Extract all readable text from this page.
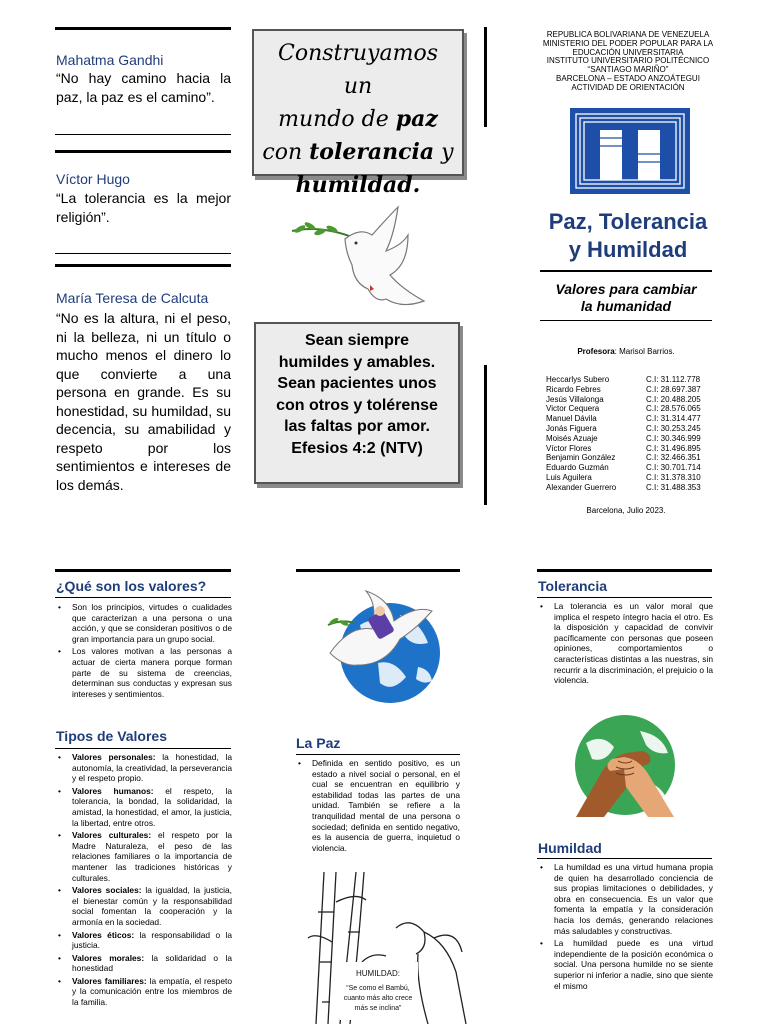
Mahatma Gandhi
“No hay camino hacia la paz, la paz es el camino”.
Víctor Hugo
“La tolerancia es la mejor religión”.
María Teresa de Calcuta
“No es la altura, ni el peso, ni la belleza, ni un título o mucho menos el dinero lo que convierte a una persona en grande. Es su honestidad, su humildad, su decencia, su amabilidad y respeto por los sentimientos e intereses de los demás.
Construyamos un
mundo de paz
con tolerancia y
humildad.
Sean siempre
humildes y amables.
Sean pacientes unos
con otros y tolérense
las faltas por amor.
Efesios 4:2 (NTV)
REPUBLICA BOLIVARIANA DE VENEZUELA
MINISTERIO DEL PODER POPULAR PARA LA
EDUCACIÓN UNIVERSITARIA
INSTITUTO UNIVERSITARIO POLITÉCNICO
“SANTIAGO MARIÑO”
BARCELONA – ESTADO ANZOÁTEGUI
ACTIVIDAD DE ORIENTACIÓN
Paz, Tolerancia
y Humildad
Valores para cambiar
la humanidad
Profesora: Marisol Barrios.
Heccarlys Subero	C.I: 31.112.778
Ricardo Febres	C.I: 28.697.387
Jesús Villalonga	C.I: 20.488.205
Victor Cequera	C.I: 28.576.065
Manuel Dávila	C.I: 31.314.477
Jonás Figuera	C.I: 30.253.245
Moisés Azuaje	C.I: 30.346.999
Víctor Flores	C.I: 31.496.895
Benjamin González	C.I: 32.466.351
Eduardo Guzmán	C.I: 30.701.714
Luis Aguilera	C.I: 31.378.310
Alexander Guerrero	C.I: 31.488.353
Barcelona, Julio 2023.
¿Qué son los valores?
• Son los principios, virtudes o cualidades que caracterizan a una persona o una acción, y que se consideran positivos o de gran importancia para un grupo social.
• Los valores motivan a las personas a actuar de cierta manera porque forman parte de su sistema de creencias, determinan sus conductas y expresan sus intereses y sentimientos.
Tipos de Valores
• Valores personales: la honestidad, la autonomía, la creatividad, la perseverancia y el respeto propio.
• Valores humanos: el respeto, la tolerancia, la bondad, la solidaridad, la amistad, la honestidad, el amor, la justicia, la libertad, entre otros.
• Valores culturales: el respeto por la Madre Naturaleza, el peso de las relaciones familiares o la importancia de mantener las tradiciones históricas y culturales.
• Valores sociales: la igualdad, la justicia, el bienestar común y la responsabilidad social fomentan la cooperación y la armonía en la sociedad.
• Valores éticos: la responsabilidad o la justicia.
• Valores morales: la solidaridad o la honestidad
• Valores familiares: la empatía, el respeto y la comunicación entre los miembros de la familia.
La Paz
• Definida en sentido positivo, es un estado a nivel social o personal, en el cual se encuentran en equilibrio y estabilidad todas las partes de una unidad. También se refiere a la tranquilidad mental de una persona o sociedad; definida en sentido negativo, es la ausencia de guerra, inquietud o violencia.
HUMILDAD:
“Se como el Bambú,
cuanto más alto crece
más se inclina”
Tolerancia
• La tolerancia es un valor moral que implica el respeto íntegro hacia el otro. Es la disposición y capacidad de convivir pacíficamente con personas que poseen opiniones, comportamientos o características distintas a las nuestras, sin recurrir a la discriminación, el prejuicio o la violencia.
Humildad
• La humildad es una virtud humana propia de quien ha desarrollado conciencia de sus propias limitaciones o debilidades, y obra en consecuencia. Es un valor que fomenta la empatía y la consideración hacia los demás, generando relaciones más saludables y constructivas.
• La humildad puede es una virtud independiente de la posición económica o social. Una persona humilde no se siente superior ni inferior a nadie, sino que siente el mismo
